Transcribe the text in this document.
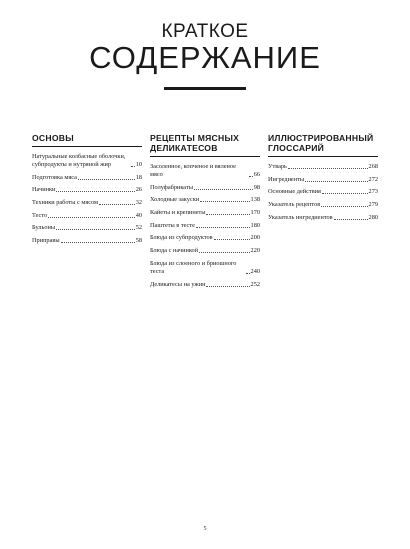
КРАТКОЕ
СОДЕРЖАНИЕ
ОСНОВЫ
Натуральные колбасные оболочки, субпродукты и нутряной жир	10
Подготовка мяса	18
Начинки	26
Техники работы с мясом	32
Тесто	40
Бульоны	52
Приправы	58
РЕЦЕПТЫ МЯСНЫХ ДЕЛИКАТЕСОВ
Засоленное, копченое и вяленое мясо	66
Полуфабрикаты	98
Холодные закуски	138
Кайеты и крепинеты	170
Паштеты в тесте	180
Блюда из субпродуктов	200
Блюда с начинкой	220
Блюда из слоеного и бриошного теста	240
Деликатесы на ужин	252
ИЛЛЮСТРИРОВАННЫЙ ГЛОССАРИЙ
Утварь	268
Ингредиенты	272
Основные действия	273
Указатель рецептов	279
Указатель ингредиентов	280
5
